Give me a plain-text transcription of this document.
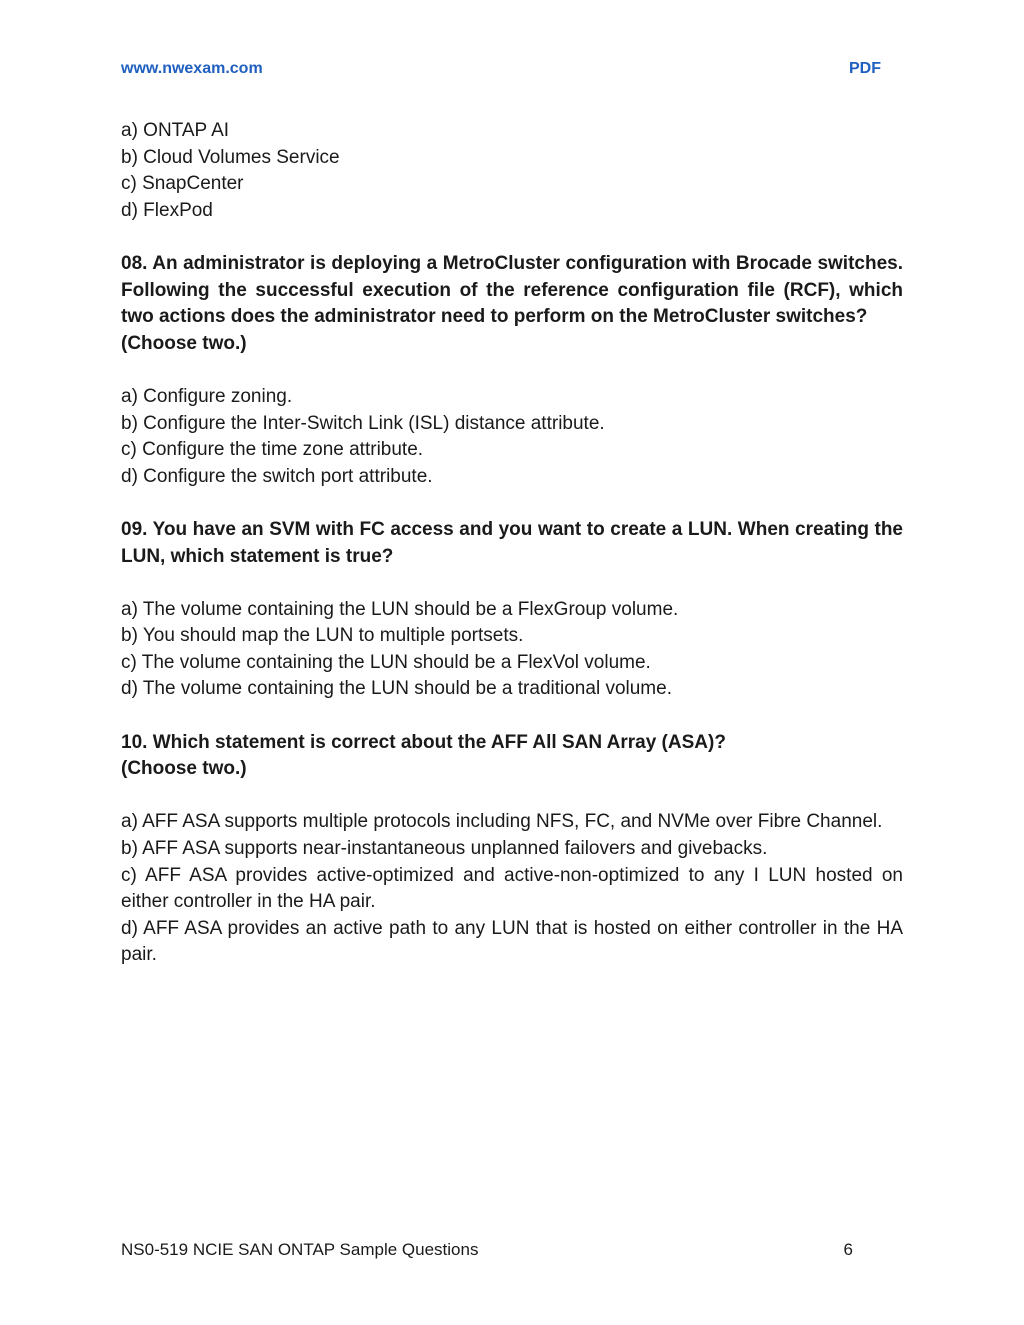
www.nwexam.com	PDF

a) ONTAP AI

b) Cloud Volumes Service

c) SnapCenter

d) FlexPod

08. An administrator is deploying a MetroCluster configuration with Brocade switches. Following the successful execution of the reference configuration file (RCF), which two actions does the administrator need to perform on the MetroCluster switches?

(Choose two.)

a) Configure zoning.

b) Configure the Inter-Switch Link (ISL) distance attribute.

c) Configure the time zone attribute.

d) Configure the switch port attribute.

09. You have an SVM with FC access and you want to create a LUN. When creating the LUN, which statement is true?

a) The volume containing the LUN should be a FlexGroup volume.

b) You should map the LUN to multiple portsets.

c) The volume containing the LUN should be a FlexVol volume.

d) The volume containing the LUN should be a traditional volume.

10. Which statement is correct about the AFF All SAN Array (ASA)?

(Choose two.)

a) AFF ASA supports multiple protocols including NFS, FC, and NVMe over Fibre Channel.

b) AFF ASA supports near-instantaneous unplanned failovers and givebacks.

c) AFF ASA provides active-optimized and active-non-optimized to any I LUN hosted on either controller in the HA pair.

d) AFF ASA provides an active path to any LUN that is hosted on either controller in the HA pair.

NS0-519 NCIE SAN ONTAP Sample Questions	6
